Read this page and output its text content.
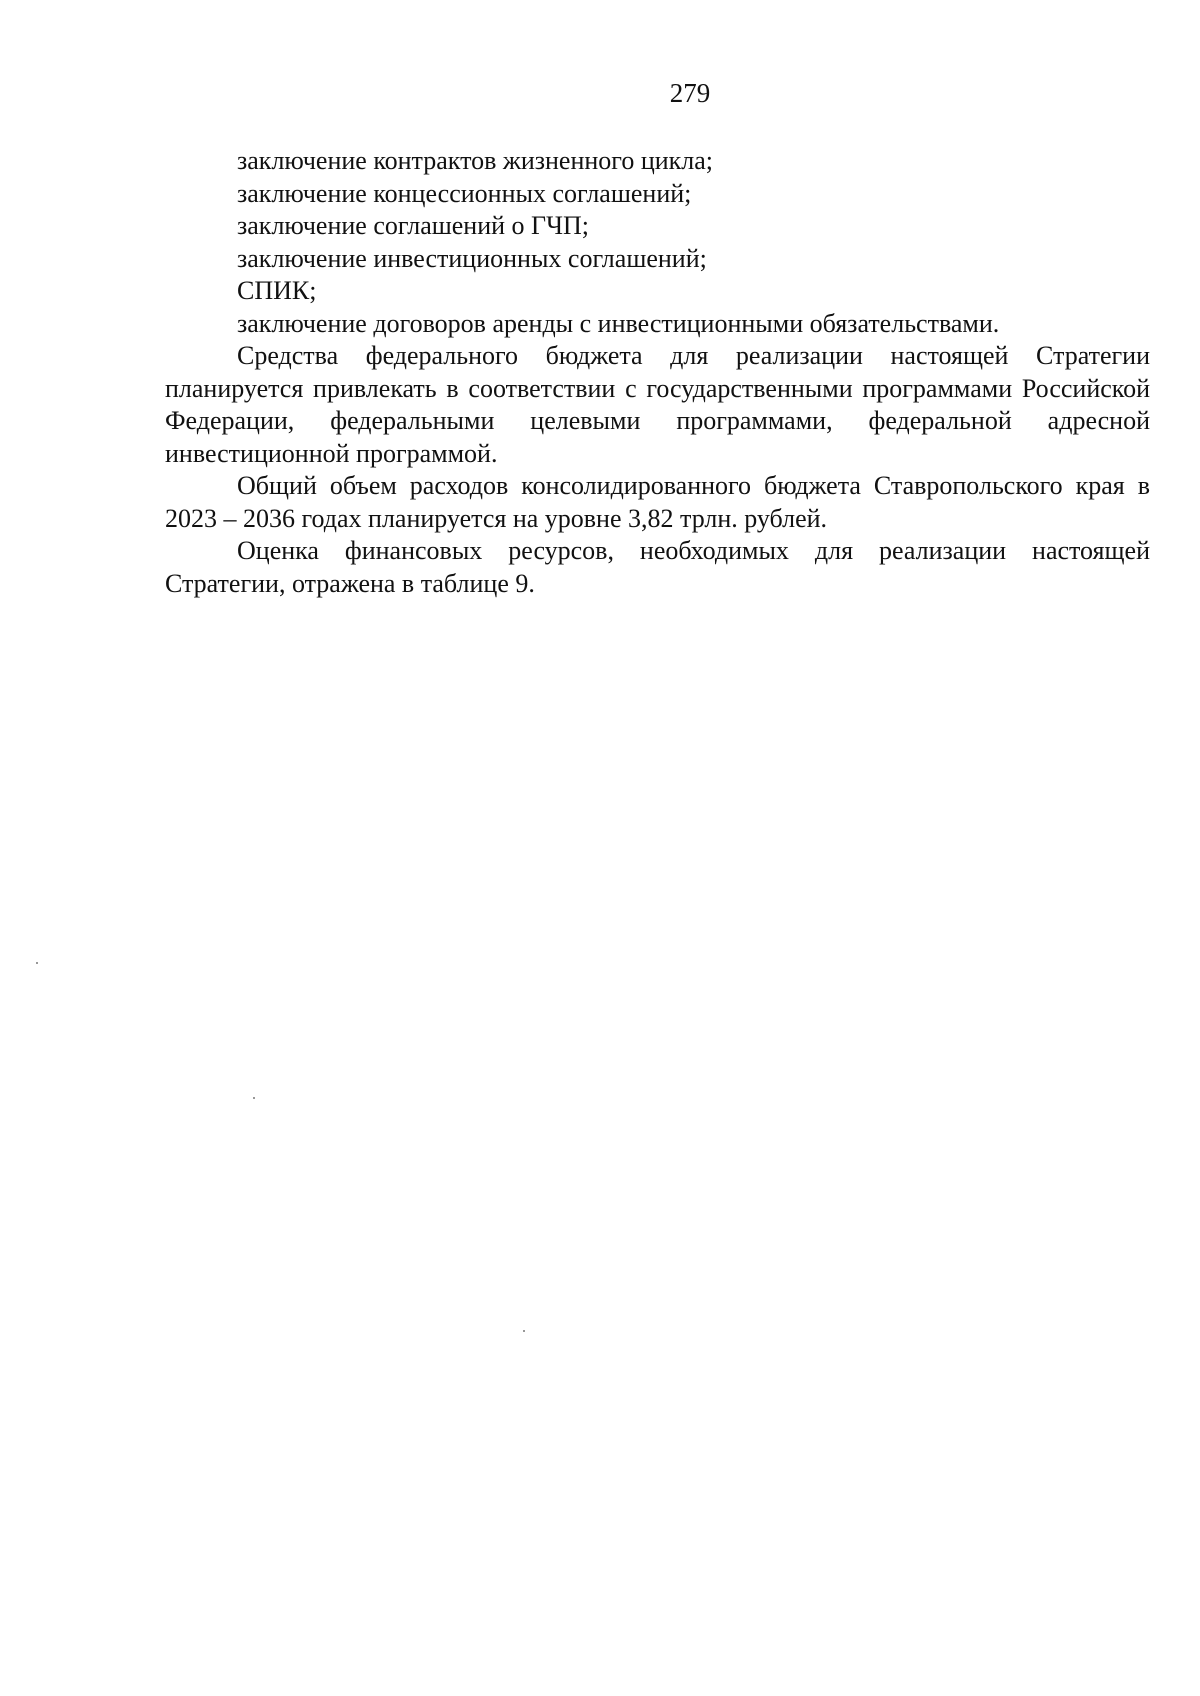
279

заключение контрактов жизненного цикла;

заключение концессионных соглашений;

заключение соглашений о ГЧП;

заключение инвестиционных соглашений;

СПИК;

заключение договоров аренды с инвестиционными обязательствами.

Средства федерального бюджета для реализации настоящей Стратегии планируется привлекать в соответствии с государственными программами Российской Федерации, федеральными целевыми программами, федеральной адресной инвестиционной программой.

Общий объем расходов консолидированного бюджета Ставропольского края в 2023 – 2036 годах планируется на уровне 3,82 трлн. рублей.

Оценка финансовых ресурсов, необходимых для реализации настоящей Стратегии, отражена в таблице 9.
